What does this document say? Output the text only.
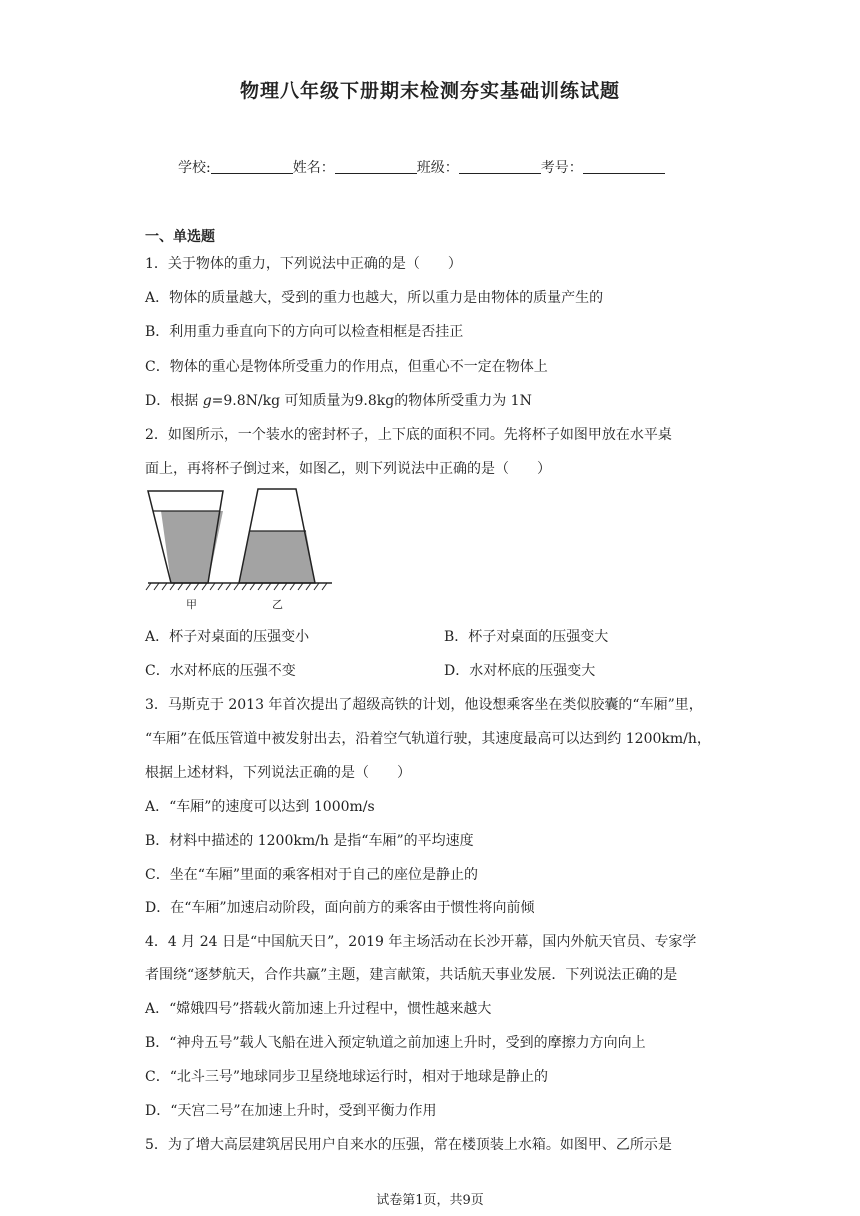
物理八年级下册期末检测夯实基础训练试题
学校:	姓名：	班级：	考号：
一、单选题
1．关于物体的重力，下列说法中正确的是（　　）
A．物体的质量越大，受到的重力也越大，所以重力是由物体的质量产生的
B．利用重力垂直向下的方向可以检查相框是否挂正
C．物体的重心是物体所受重力的作用点，但重心不一定在物体上
D．根据 g=9.8N/kg 可知质量为9.8kg的物体所受重力为 1N
2．如图所示，一个装水的密封杯子，上下底的面积不同。先将杯子如图甲放在水平桌
面上，再将杯子倒过来，如图乙，则下列说法中正确的是（　　）
甲	乙
A．杯子对桌面的压强变小	B．杯子对桌面的压强变大
C．水对杯底的压强不变	D．水对杯底的压强变大
3．马斯克于 2013 年首次提出了超级高铁的计划，他设想乘客坐在类似胶囊的“车厢”里，
“车厢”在低压管道中被发射出去，沿着空气轨道行驶，其速度最高可以达到约 1200km/h，
根据上述材料，下列说法正确的是（　　）
A．“车厢”的速度可以达到 1000m/s
B．材料中描述的 1200km/h 是指“车厢”的平均速度
C．坐在“车厢”里面的乘客相对于自己的座位是静止的
D．在“车厢”加速启动阶段，面向前方的乘客由于惯性将向前倾
4．4 月 24 日是“中国航天日”，2019 年主场活动在长沙开幕，国内外航天官员、专家学
者围绕“逐梦航天，合作共赢”主题，建言献策，共话航天事业发展．下列说法正确的是
A．“嫦娥四号”搭载火箭加速上升过程中，惯性越来越大
B．“神舟五号”载人飞船在进入预定轨道之前加速上升时，受到的摩擦力方向向上
C．“北斗三号”地球同步卫星绕地球运行时，相对于地球是静止的
D．“天宫二号”在加速上升时，受到平衡力作用
5．为了增大高层建筑居民用户自来水的压强，常在楼顶装上水箱。如图甲、乙所示是
试卷第1页，共9页
